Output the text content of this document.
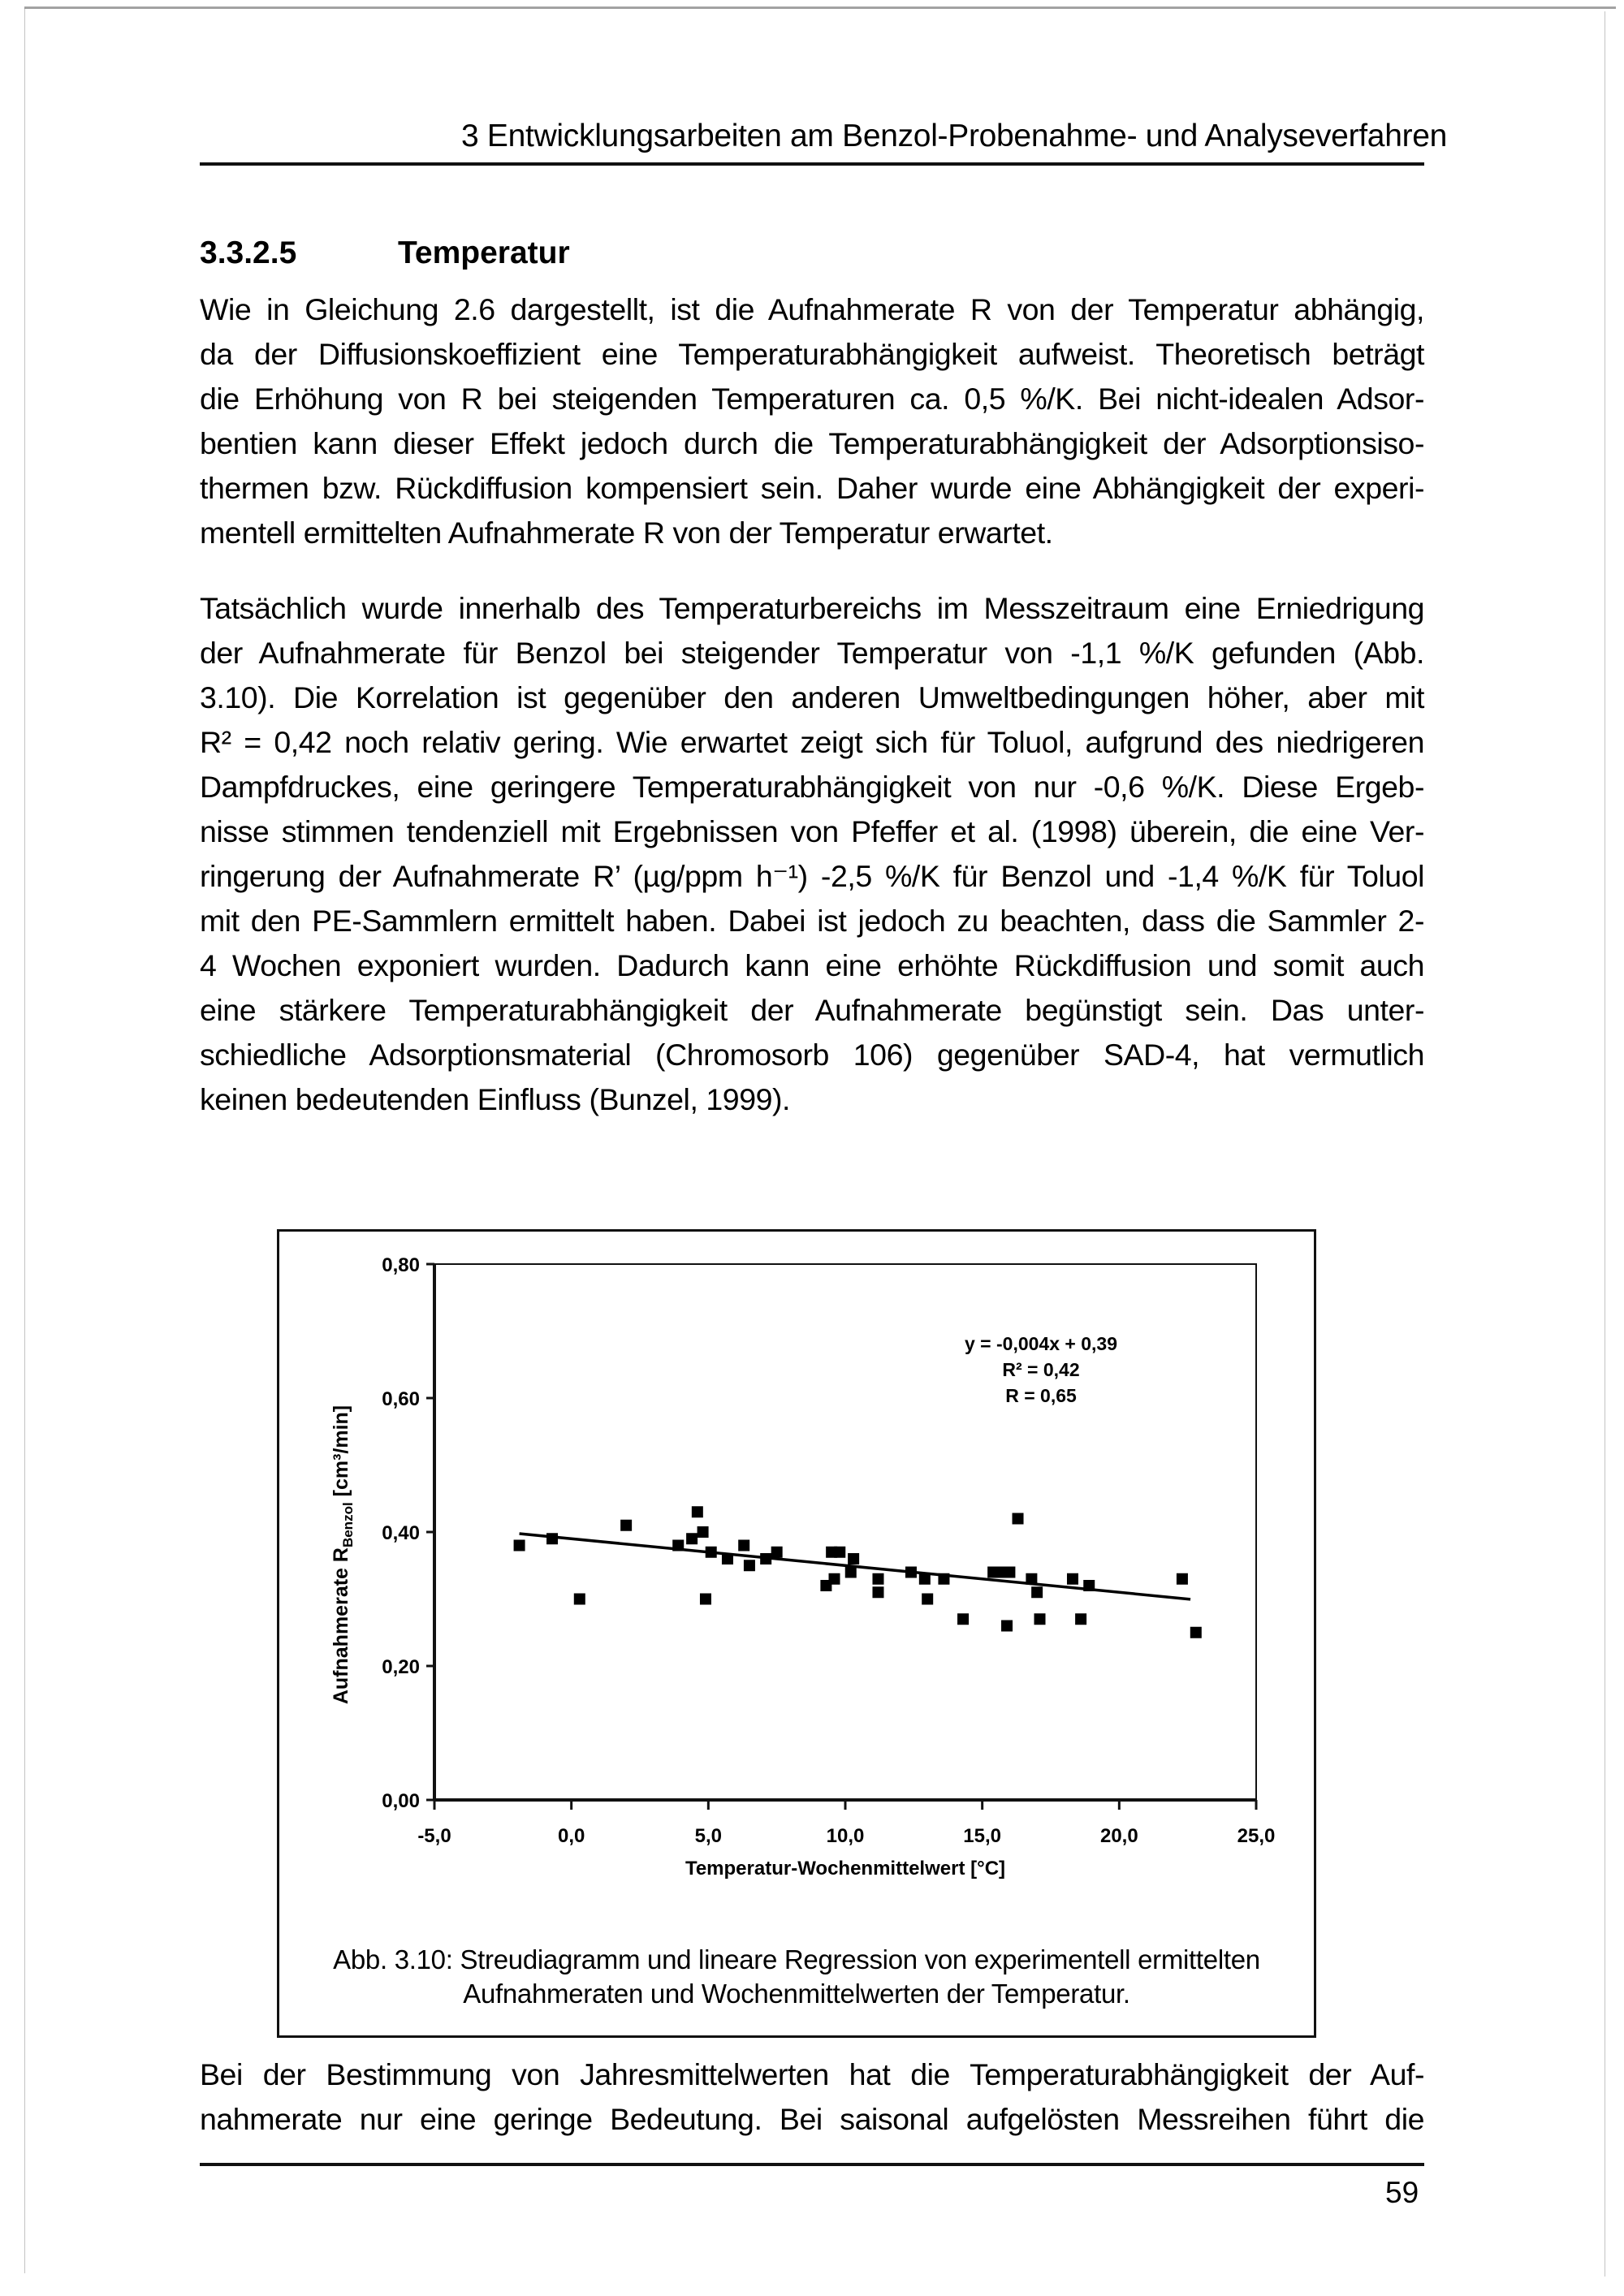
3 Entwicklungsarbeiten am Benzol-Probenahme- und Analyseverfahren
3.3.2.5	Temperatur
Wie in Gleichung 2.6 dargestellt, ist die Aufnahmerate R von der Temperatur abhängig,
da der Diffusionskoeffizient eine Temperaturabhängigkeit aufweist. Theoretisch beträgt
die Erhöhung von R bei steigenden Temperaturen ca. 0,5 %/K. Bei nicht-idealen Adsor-
bentien kann dieser Effekt jedoch durch die Temperaturabhängigkeit der Adsorptionsiso-
thermen bzw. Rückdiffusion kompensiert sein. Daher wurde eine Abhängigkeit der experi-
mentell ermittelten Aufnahmerate R von der Temperatur erwartet.
Tatsächlich wurde innerhalb des Temperaturbereichs im Messzeitraum eine Erniedrigung
der Aufnahmerate für Benzol bei steigender Temperatur von -1,1 %/K gefunden (Abb.
3.10). Die Korrelation ist gegenüber den anderen Umweltbedingungen höher, aber mit
R² = 0,42 noch relativ gering. Wie erwartet zeigt sich für Toluol, aufgrund des niedrigeren
Dampfdruckes, eine geringere Temperaturabhängigkeit von nur -0,6 %/K. Diese Ergeb-
nisse stimmen tendenziell mit Ergebnissen von Pfeffer et al. (1998) überein, die eine Ver-
ringerung der Aufnahmerate R’ (µg/ppm h⁻¹) -2,5 %/K für Benzol und -1,4 %/K für Toluol
mit den PE-Sammlern ermittelt haben. Dabei ist jedoch zu beachten, dass die Sammler 2-
4 Wochen exponiert wurden. Dadurch kann eine erhöhte Rückdiffusion und somit auch
eine stärkere Temperaturabhängigkeit der Aufnahmerate begünstigt sein. Das unter-
schiedliche Adsorptionsmaterial (Chromosorb 106) gegenüber SAD-4, hat vermutlich
keinen bedeutenden Einfluss (Bunzel, 1999).
0,00
0,20
0,40
0,60
0,80
-5,0	0,0	5,0	10,0	15,0	20,0	25,0
Temperatur-Wochenmittelwert [°C]
Aufnahmerate $R_{Benzol}$ [cm³/min]
y = -0,004x + 0,39
R² = 0,42
R = 0,65
Abb. 3.10: Streudiagramm und lineare Regression von experimentell ermittelten
Aufnahmeraten und Wochenmittelwerten der Temperatur.
Bei der Bestimmung von Jahresmittelwerten hat die Temperaturabhängigkeit der Auf-
nahmerate nur eine geringe Bedeutung. Bei saisonal aufgelösten Messreihen führt die
59
